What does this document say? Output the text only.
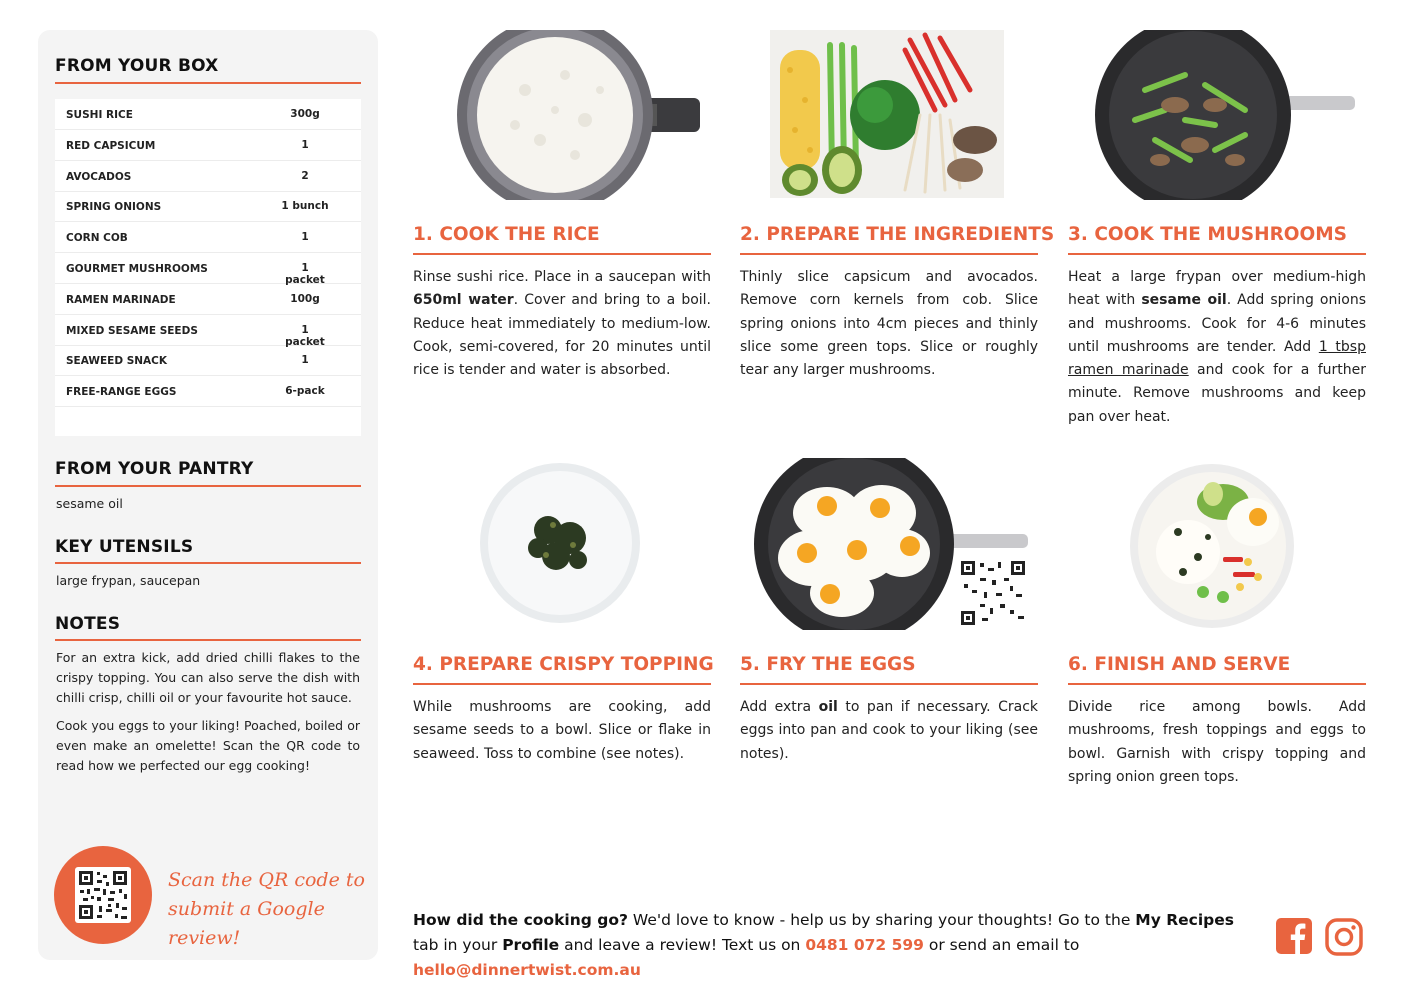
FROM YOUR BOX
SUSHI RICE	300g
RED CAPSICUM	1
AVOCADOS	2
SPRING ONIONS	1 bunch
CORN COB	1
GOURMET MUSHROOMS	1 packet
RAMEN MARINADE	100g
MIXED SESAME SEEDS	1 packet
SEAWEED SNACK	1
FREE-RANGE EGGS	6-pack
FROM YOUR PANTRY
sesame oil
KEY UTENSILS
large frypan, saucepan
NOTES

For an extra kick, add dried chilli flakes to the crispy topping. You can also serve the dish with chilli crisp, chilli oil or your favourite hot sauce.

Cook you eggs to your liking! Poached, boiled or even make an omelette! Scan the QR code to read how we perfected our egg cooking!

Scan the QR code to
submit a Google review!
1. COOK THE RICE
Rinse sushi rice. Place in a saucepan with 650ml water. Cover and bring to a boil. Reduce heat immediately to medium-low. Cook, semi-covered, for 20 minutes until rice is tender and water is absorbed.
2. PREPARE THE INGREDIENTS
Thinly slice capsicum and avocados. Remove corn kernels from cob. Slice spring onions into 4cm pieces and thinly slice some green tops. Slice or roughly tear any larger mushrooms.
3. COOK THE MUSHROOMS
Heat a large frypan over medium-high heat with sesame oil. Add spring onions and mushrooms. Cook for 4-6 minutes until mushrooms are tender. Add 1 tbsp ramen marinade and cook for a further minute. Remove mushrooms and keep pan over heat.
4. PREPARE CRISPY TOPPING
While mushrooms are cooking, add sesame seeds to a bowl. Slice or flake in seaweed. Toss to combine (see notes).
5. FRY THE EGGS
Add extra oil to pan if necessary. Crack eggs into pan and cook to your liking (see notes).
6. FINISH AND SERVE
Divide rice among bowls. Add mushrooms, fresh toppings and eggs to bowl. Garnish with crispy topping and spring onion green tops.
How did the cooking go? We'd love to know - help us by sharing your thoughts! Go to the My Recipes tab in your Profile and leave a review! Text us on 0481 072 599 or send an email to hello@dinnertwist.com.au
